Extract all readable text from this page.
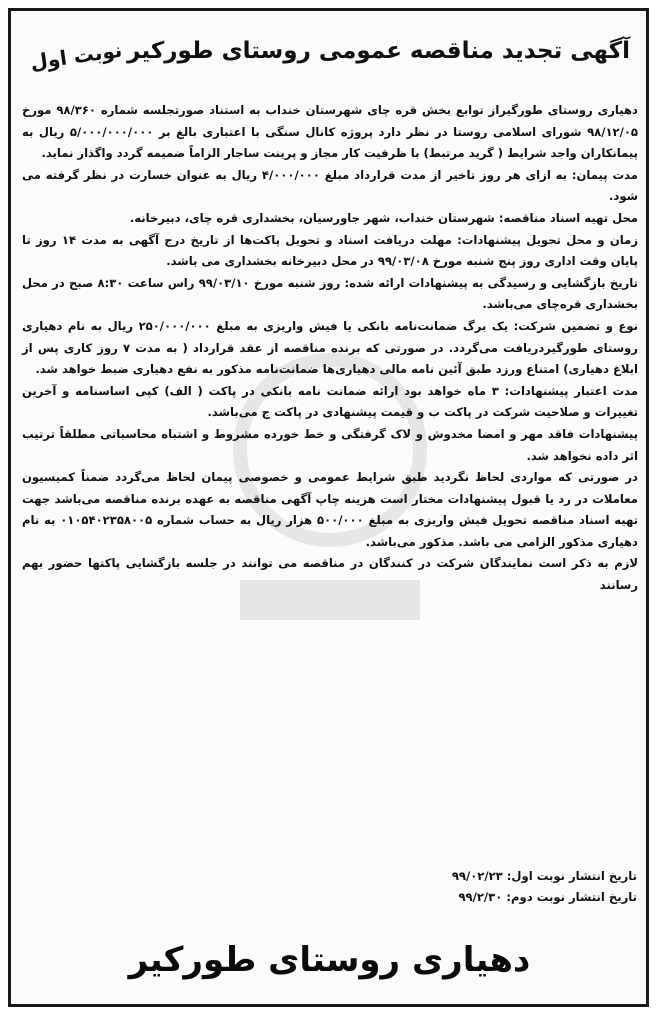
نوبت اول آگهی تجدید مناقصه عمومی روستای طورکیر

دهیاری روستای طورگیراز توابع بخش قره چای شهرستان خنداب به استناد صورتجلسه شماره ۹۸/۳۶۰ مورخ ۹۸/۱۲/۰۵ شورای اسلامی روستا در نظر دارد پروژه کانال سنگی با اعتباری بالغ بر ۵/۰۰۰/۰۰۰/۰۰۰ ریال به پیمانکاران واجد شرایط ( گرید مرتبط) با ظرفیت کار مجاز و پرینت ساجار الزاماً ضمیمه گردد واگذار نماید.

مدت پیمان: به ازای هر روز تاخیر از مدت قرارداد مبلغ ۴/۰۰۰/۰۰۰ ریال به عنوان خسارت در نظر گرفته می شود.

محل تهیه اسناد مناقصه: شهرستان خنداب، شهر جاورسیان، بخشداری قره چای، دبیرخانه.

زمان و محل تحویل پیشنهادات: مهلت دریافت اسناد و تحویل پاکت‌ها از تاریخ درج آگهی به مدت ۱۴ روز تا پایان وقت اداری روز پنج شنبه مورخ ۹۹/۰۳/۰۸ در محل دبیرخانه بخشداری می باشد.

تاریخ بازگشایی و رسیدگی به پیشنهادات ارائه شده: روز شنبه مورخ ۹۹/۰۳/۱۰ راس ساعت ۸:۳۰ صبح در محل بخشداری قره‌چای می‌باشد.

نوع و تضمین شرکت: یک برگ ضمانت‌نامه بانکی یا فیش واریزی به مبلغ ۲۵۰/۰۰۰/۰۰۰ ریال به نام دهیاری روستای طورگیردریافت می‌گردد. در صورتی که برنده مناقصه از عقد قرارداد ( به مدت ۷ روز کاری پس از ابلاغ دهیاری) امتناع ورزد طبق آئین نامه مالی دهیاری‌ها ضمانت‌نامه مذکور به نفع دهیاری ضبط خواهد شد.

مدت اعتبار پیشنهادات: ۳ ماه خواهد بود ارائه ضمانت نامه بانکی در پاکت ( الف) کپی اساسنامه و آخرین تغییرات و صلاحیت شرکت در پاکت ب و قیمت پیشنهادی در پاکت ج می‌باشد.

پیشنهادات فاقد مهر و امضا مخدوش و لاک گرفتگی و خط خورده مشروط و اشتباه محاسباتی مطلقاً ترتیب اثر داده نخواهد شد.

در صورتی که مواردی لحاظ نگردید طبق شرایط عمومی و خصوصی پیمان لحاظ می‌گردد ضمناً کمیسیون معاملات در رد یا قبول پیشنهادات مختار است هزینه چاپ آگهی مناقصه به عهده برنده مناقصه می‌باشد جهت تهیه اسناد مناقصه تحویل فیش واریزی به مبلغ ۵۰۰/۰۰۰ هزار ریال به حساب شماره ۰۱۰۵۴۰۲۳۵۸۰۰۵ به نام دهیاری مذکور الزامی می باشد. مذکور می‌باشد.

لازم به ذکر است نمایندگان شرکت در کنندگان در مناقصه می توانند در جلسه بازگشایی پاکتها حضور بهم رسانند

تاریخ انتشار نوبت اول: ۹۹/۰۲/۲۳
تاریخ انتشار نوبت دوم: ۹۹/۲/۳۰
دهیاری روستای طورکیر
